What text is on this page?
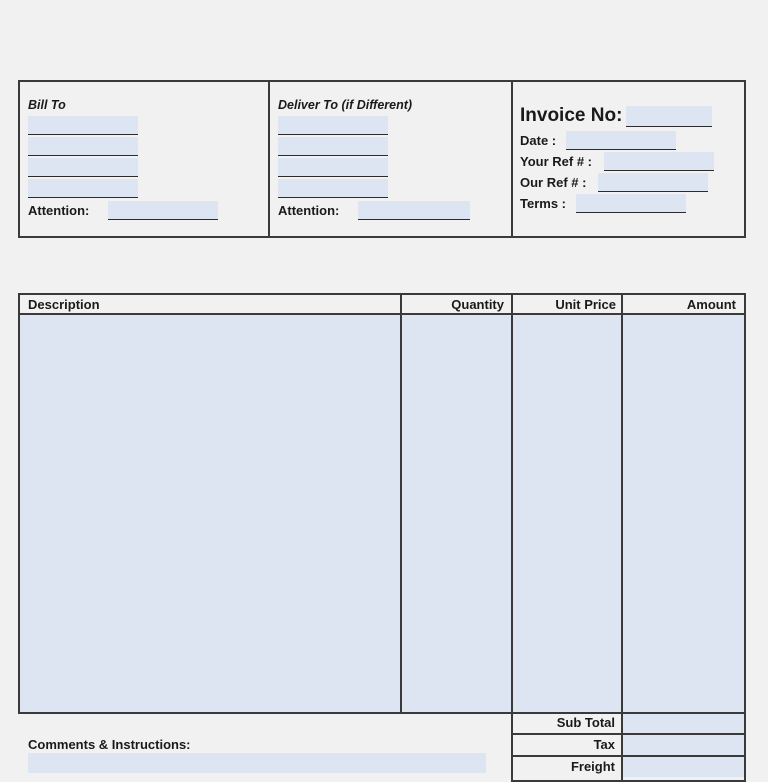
Bill To
Attention:
Deliver To (if Different)
Attention:
Invoice No:
Date :
Your Ref # :
Our Ref # :
Terms :
Description	Quantity	Unit Price	Amount
Sub Total
Tax
Freight
Comments & Instructions:
